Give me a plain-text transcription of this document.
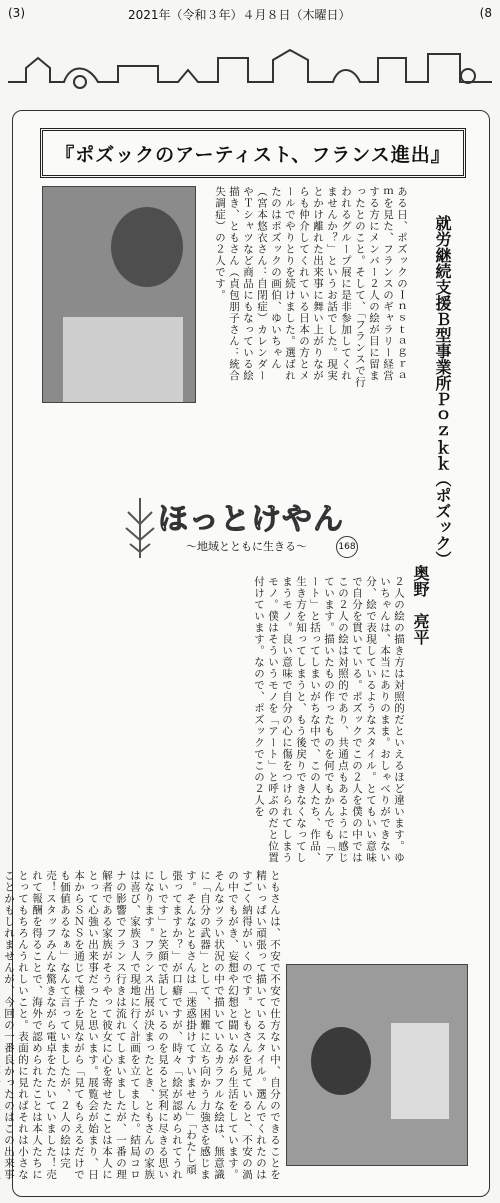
(3)	2021年（令和３年）４月８日（木曜日）	(8
『ポズックのアーティスト、フランス進出』
就労継続支援Ｂ型事業所Ｐｏｚｋｋ（ポズック）
奥野　亮平
ある日、ポズックのＩｎｓｔａｇｒａｍを見た、フランスのギャラリー経営する方にメンバー２人の絵が目に留まったとのこと。そして、「フランスで行われるグループ展に是非参加してくれませんか？」というお話でした。現実とかけ離れた出来事に舞い上がりながらも仲介してくれている日本の方とメールでやりとりを続けました。選ばれたのはポズックの画伯、ゆいちゃん（宮本悠衣さん：自閉症）カレンダーやＴシャツなど商品にもなっている絵描き、ともさん（貞包朋子さん：統合失調症）の２人です。
ほっとけやん
〜地域とともに生きる〜	168
２人の絵の描き方は対照的だといえるほど違います。ゆいちゃんは、本当にありのまま。おしゃべりができない分、絵で表現しているようなスタイル。とてもいい意味で自分を貫いている。ポズックでこの２人を僕の中ではこの２人の絵は対照的であり、共通点もあるように感じています。描いたもの作ったものを何でもかんでも「アート」と括ってしまいがちな中で、この人たち、作品、生き方を知ってしまうと、もう後戻りできなくなってしまうモノ。良い意味で自分の心に傷をつけられてしまうモノ。僕はそういうモノを「アート」と呼ぶのだと位置付けています。なので、ポズックでこの２人を
ともさんは、不安で不安で仕方ない中、自分のできることを精いっぱい頑張って描いているスタイル。選んでくれたのはすごく納得がいくのです。ともさんを見ていると、不安の渦の中でもがき、妄想や幻想と闘いながら生活をしています。そんなツラい状況の中で描いているカラフルな絵は、無意識に「自分の武器」として、困難に立ち向かう力強さを感じます。そんなともさんは「迷惑掛けてすいません」「わたし頑張ってますか？」が口癖ですが、時々「絵が認められてうれしいです」と笑顔で話しているのを見ると冥利に尽きる思いになります。フランス出展が決まったとき、ともさんの家族は喜び、家族３人で現地に行く計画を立てました。結局コロナの影響でフランス行きは流れてしまいましたが、一番の理解者である家族がそうやって彼女に心を寄せたことは本人にとって心強い出来事だったと思います。展覧会が始まり、日本からＳＮＳを通じて様子を見ながら「見てもらえるだけでも価値あるなぁ」なんて言っていましたが、２人の絵は完売！スタッフみんな驚きながら電卓をたたいていました！売れて報酬を得ることで、海外で認められたことは本人たちにとってもちろんうれしいこと。表面的に見ればそれは小さなことかもしれませんが、今回の一番良かったのはこの出来事
